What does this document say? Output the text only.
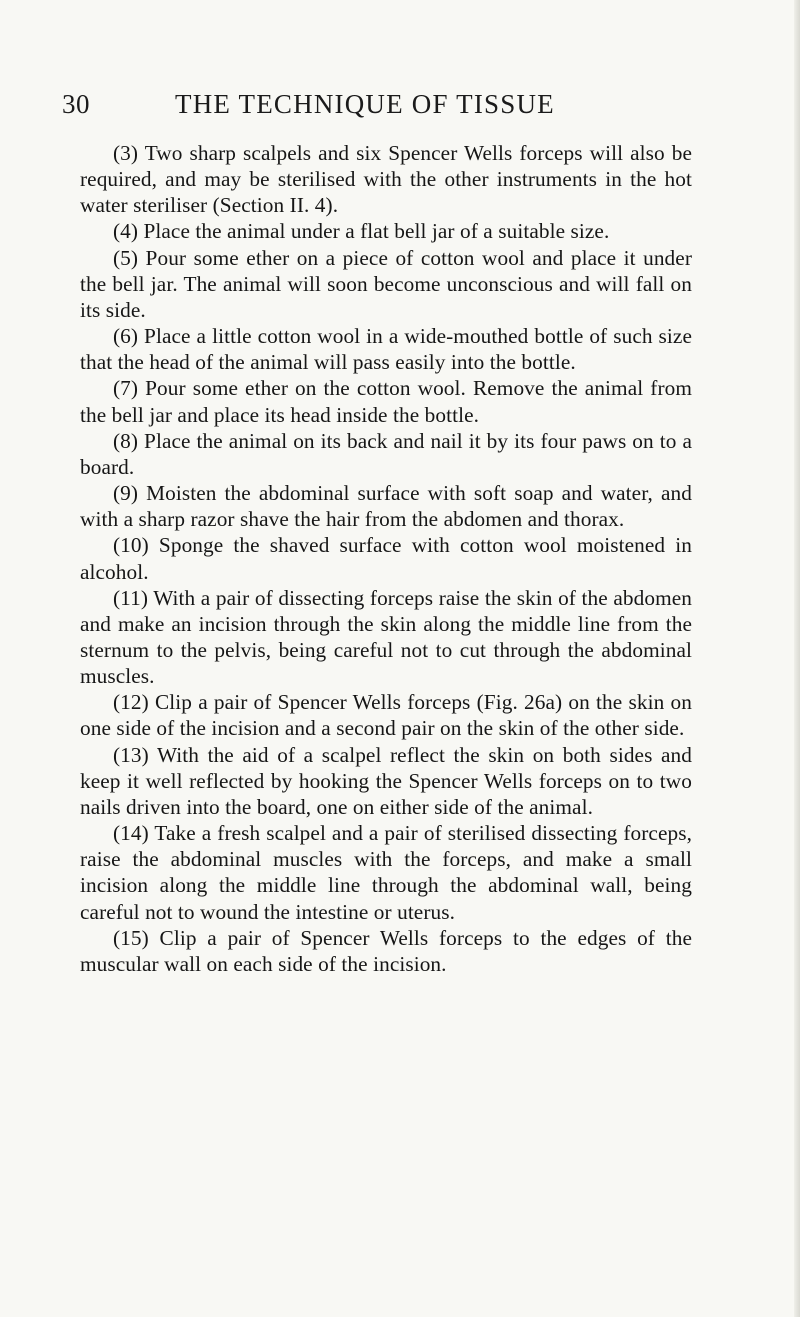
30	THE TECHNIQUE OF TISSUE

(3) Two sharp scalpels and six Spencer Wells forceps will also be required, and may be sterilised with the other instruments in the hot water steriliser (Section II. 4).

(4) Place the animal under a flat bell jar of a suitable size.

(5) Pour some ether on a piece of cotton wool and place it under the bell jar. The animal will soon become unconscious and will fall on its side.

(6) Place a little cotton wool in a wide-mouthed bottle of such size that the head of the animal will pass easily into the bottle.

(7) Pour some ether on the cotton wool. Remove the animal from the bell jar and place its head inside the bottle.

(8) Place the animal on its back and nail it by its four paws on to a board.

(9) Moisten the abdominal surface with soft soap and water, and with a sharp razor shave the hair from the abdomen and thorax.

(10) Sponge the shaved surface with cotton wool moistened in alcohol.

(11) With a pair of dissecting forceps raise the skin of the abdomen and make an incision through the skin along the middle line from the sternum to the pelvis, being careful not to cut through the abdominal muscles.

(12) Clip a pair of Spencer Wells forceps (Fig. 26a) on the skin on one side of the incision and a second pair on the skin of the other side.

(13) With the aid of a scalpel reflect the skin on both sides and keep it well reflected by hooking the Spencer Wells forceps on to two nails driven into the board, one on either side of the animal.

(14) Take a fresh scalpel and a pair of sterilised dissecting forceps, raise the abdominal muscles with the forceps, and make a small incision along the middle line through the abdominal wall, being careful not to wound the intestine or uterus.

(15) Clip a pair of Spencer Wells forceps to the edges of the muscular wall on each side of the incision.
